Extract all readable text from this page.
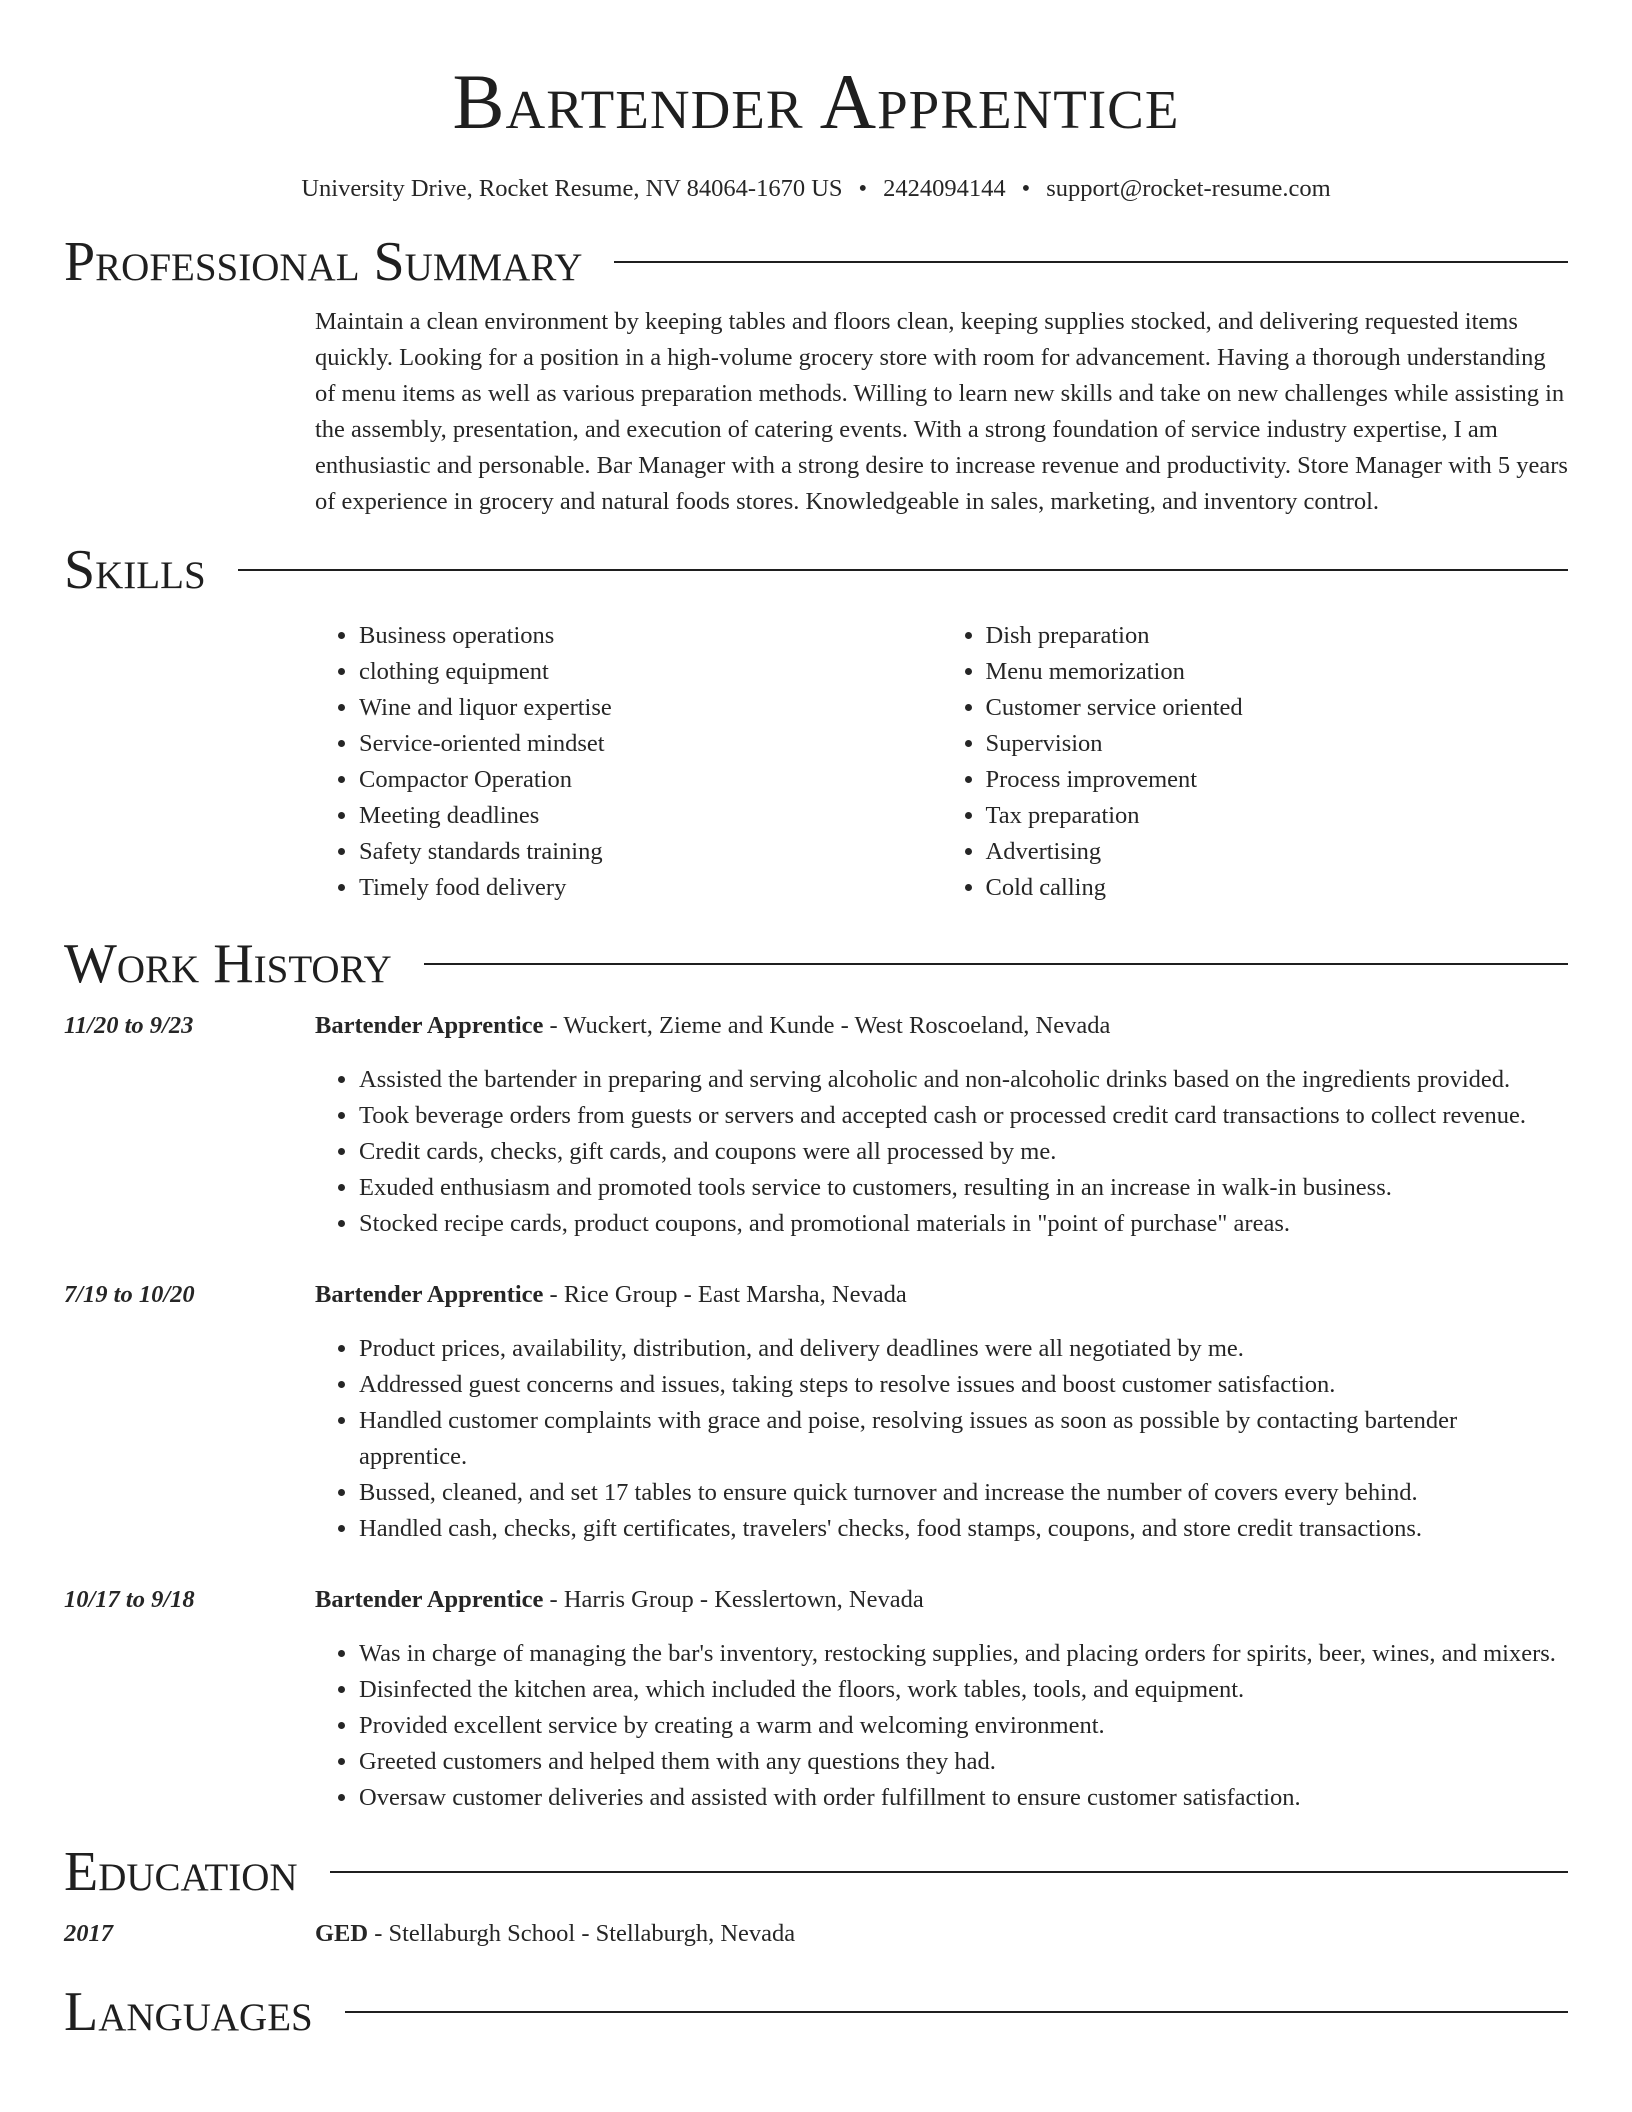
Bartender Apprentice
University Drive, Rocket Resume, NV 84064-1670 US • 2424094144 • support@rocket-resume.com
Professional Summary

Maintain a clean environment by keeping tables and floors clean, keeping supplies stocked, and delivering requested items quickly. Looking for a position in a high-volume grocery store with room for advancement. Having a thorough understanding of menu items as well as various preparation methods. Willing to learn new skills and take on new challenges while assisting in the assembly, presentation, and execution of catering events. With a strong foundation of service industry expertise, I am enthusiastic and personable. Bar Manager with a strong desire to increase revenue and productivity. Store Manager with 5 years of experience in grocery and natural foods stores. Knowledgeable in sales, marketing, and inventory control.

Skills
• Business operations
• clothing equipment
• Wine and liquor expertise
• Service-oriented mindset
• Compactor Operation
• Meeting deadlines
• Safety standards training
• Timely food delivery
• Dish preparation
• Menu memorization
• Customer service oriented
• Supervision
• Process improvement
• Tax preparation
• Advertising
• Cold calling
Work History
11/20 to 9/23	Bartender Apprentice - Wuckert, Zieme and Kunde - West Roscoeland, Nevada
• Assisted the bartender in preparing and serving alcoholic and non-alcoholic drinks based on the ingredients provided.
• Took beverage orders from guests or servers and accepted cash or processed credit card transactions to collect revenue.
• Credit cards, checks, gift cards, and coupons were all processed by me.
• Exuded enthusiasm and promoted tools service to customers, resulting in an increase in walk-in business.
• Stocked recipe cards, product coupons, and promotional materials in "point of purchase" areas.
7/19 to 10/20	Bartender Apprentice - Rice Group - East Marsha, Nevada
• Product prices, availability, distribution, and delivery deadlines were all negotiated by me.
• Addressed guest concerns and issues, taking steps to resolve issues and boost customer satisfaction.
• Handled customer complaints with grace and poise, resolving issues as soon as possible by contacting bartender apprentice.
• Bussed, cleaned, and set 17 tables to ensure quick turnover and increase the number of covers every behind.
• Handled cash, checks, gift certificates, travelers' checks, food stamps, coupons, and store credit transactions.
10/17 to 9/18	Bartender Apprentice - Harris Group - Kesslertown, Nevada
• Was in charge of managing the bar's inventory, restocking supplies, and placing orders for spirits, beer, wines, and mixers.
• Disinfected the kitchen area, which included the floors, work tables, tools, and equipment.
• Provided excellent service by creating a warm and welcoming environment.
• Greeted customers and helped them with any questions they had.
• Oversaw customer deliveries and assisted with order fulfillment to ensure customer satisfaction.
Education
2017	GED - Stellaburgh School - Stellaburgh, Nevada
Languages
